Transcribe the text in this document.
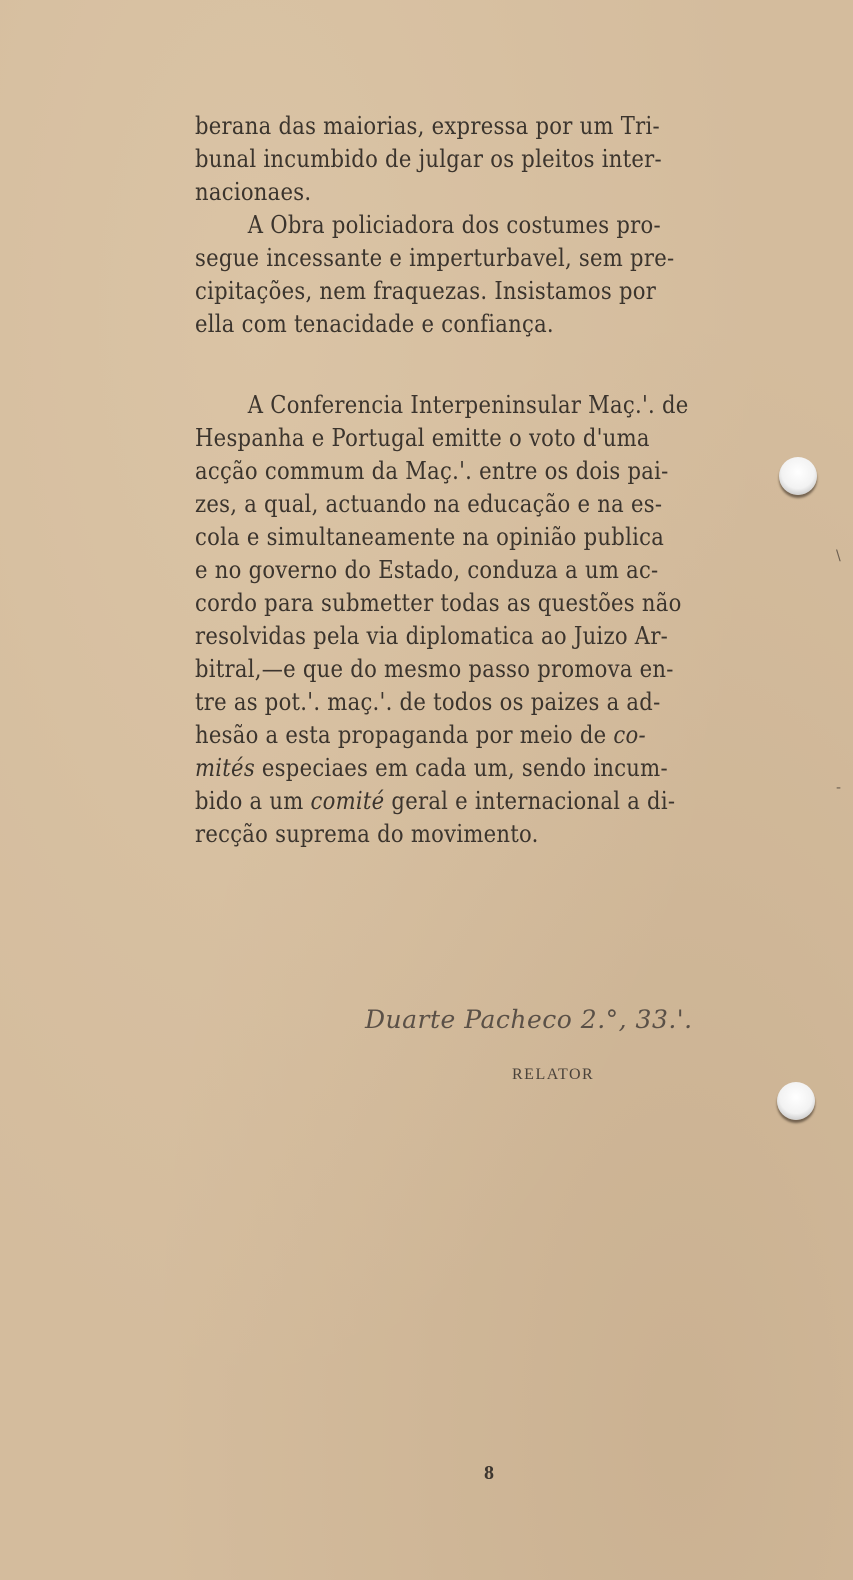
berana das maiorias, expressa por um Tri-
bunal incumbido de julgar os pleitos inter-
nacionaes.
A Obra policiadora dos costumes pro-
segue incessante e imperturbavel, sem pre-
cipitações, nem fraquezas. Insistamos por
ella com tenacidade e confiança.
A Conferencia Interpeninsular Maç.'. de
Hespanha e Portugal emitte o voto d'uma
acção commum da Maç.'. entre os dois pai-
zes, a qual, actuando na educação e na es-
cola e simultaneamente na opinião publica
e no governo do Estado, conduza a um ac-
cordo para submetter todas as questões não
resolvidas pela via diplomatica ao Juizo Ar-
bitral,—e que do mesmo passo promova en-
tre as pot.'. maç.'. de todos os paizes a ad-
hesão a esta propaganda por meio de co-
mités especiaes em cada um, sendo incum-
bido a um comité geral e internacional a di-
recção suprema do movimento.
Duarte Pacheco 2.°, 33.'.
RELATOR
8
\
-
